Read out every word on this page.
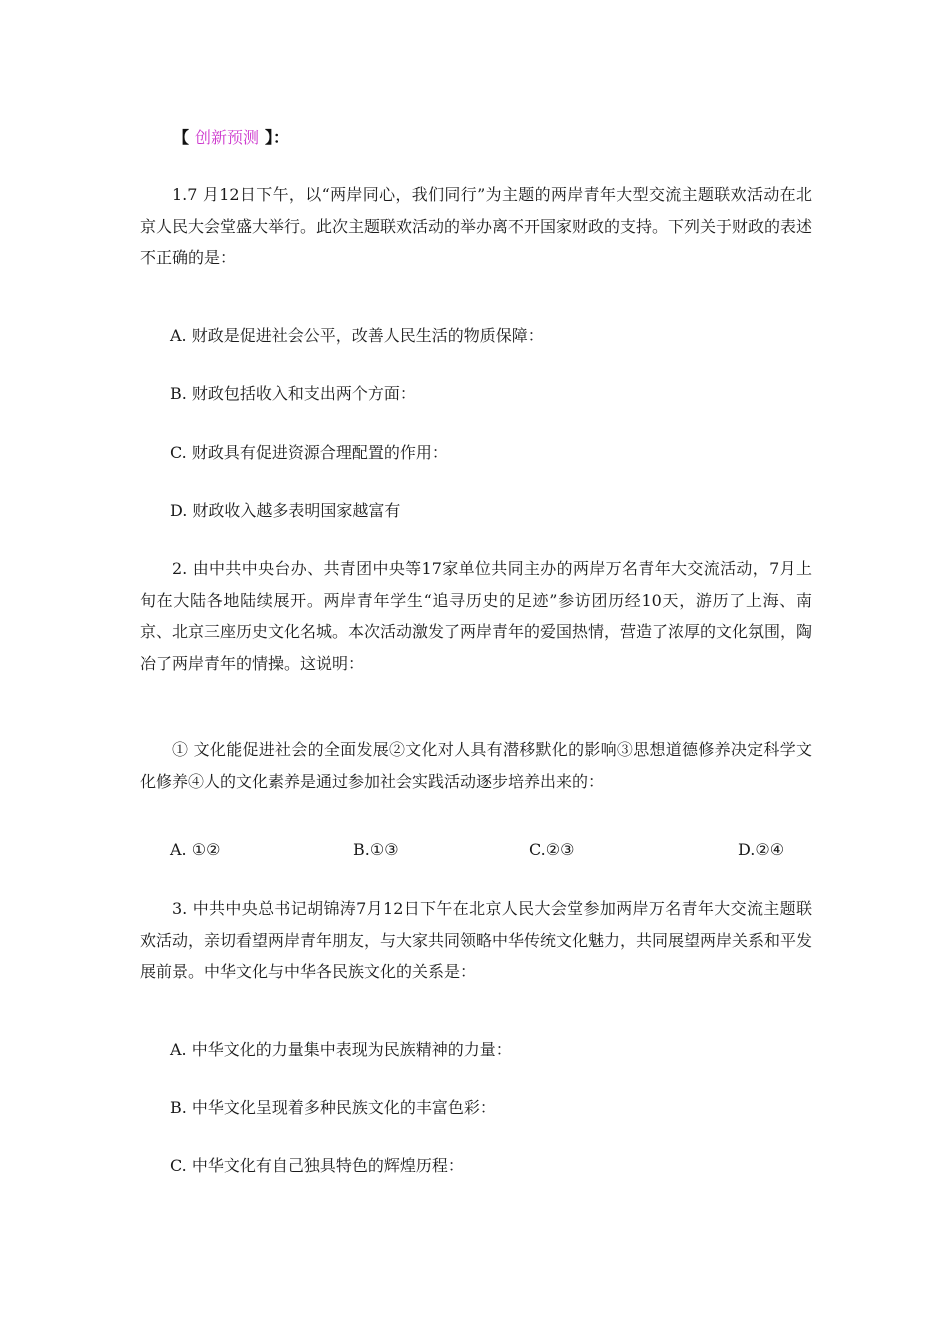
【 创新预测 】：
1.7 月12日下午，以“两岸同心，我们同行”为主题的两岸青年大型交流主题联欢活动在北京人民大会堂盛大举行。此次主题联欢活动的举办离不开国家财政的支持。下列关于财政的表述不正确的是：
A. 财政是促进社会公平，改善人民生活的物质保障：
B. 财政包括收入和支出两个方面：
C. 财政具有促进资源合理配置的作用：
D. 财政收入越多表明国家越富有
2. 由中共中央台办、共青团中央等17家单位共同主办的两岸万名青年大交流活动，7月上旬在大陆各地陆续展开。两岸青年学生“追寻历史的足迹”参访团历经10天，游历了上海、南京、北京三座历史文化名城。本次活动激发了两岸青年的爱国热情，营造了浓厚的文化氛围，陶冶了两岸青年的情操。这说明：
① 文化能促进社会的全面发展②文化对人具有潜移默化的影响③思想道德修养决定科学文化修养④人的文化素养是通过参加社会实践活动逐步培养出来的：
A. ①②	B.①③	C.②③	D.②④
3. 中共中央总书记胡锦涛7月12日下午在北京人民大会堂参加两岸万名青年大交流主题联欢活动，亲切看望两岸青年朋友，与大家共同领略中华传统文化魅力，共同展望两岸关系和平发展前景。中华文化与中华各民族文化的关系是：
A. 中华文化的力量集中表现为民族精神的力量：
B. 中华文化呈现着多种民族文化的丰富色彩：
C. 中华文化有自己独具特色的辉煌历程：
